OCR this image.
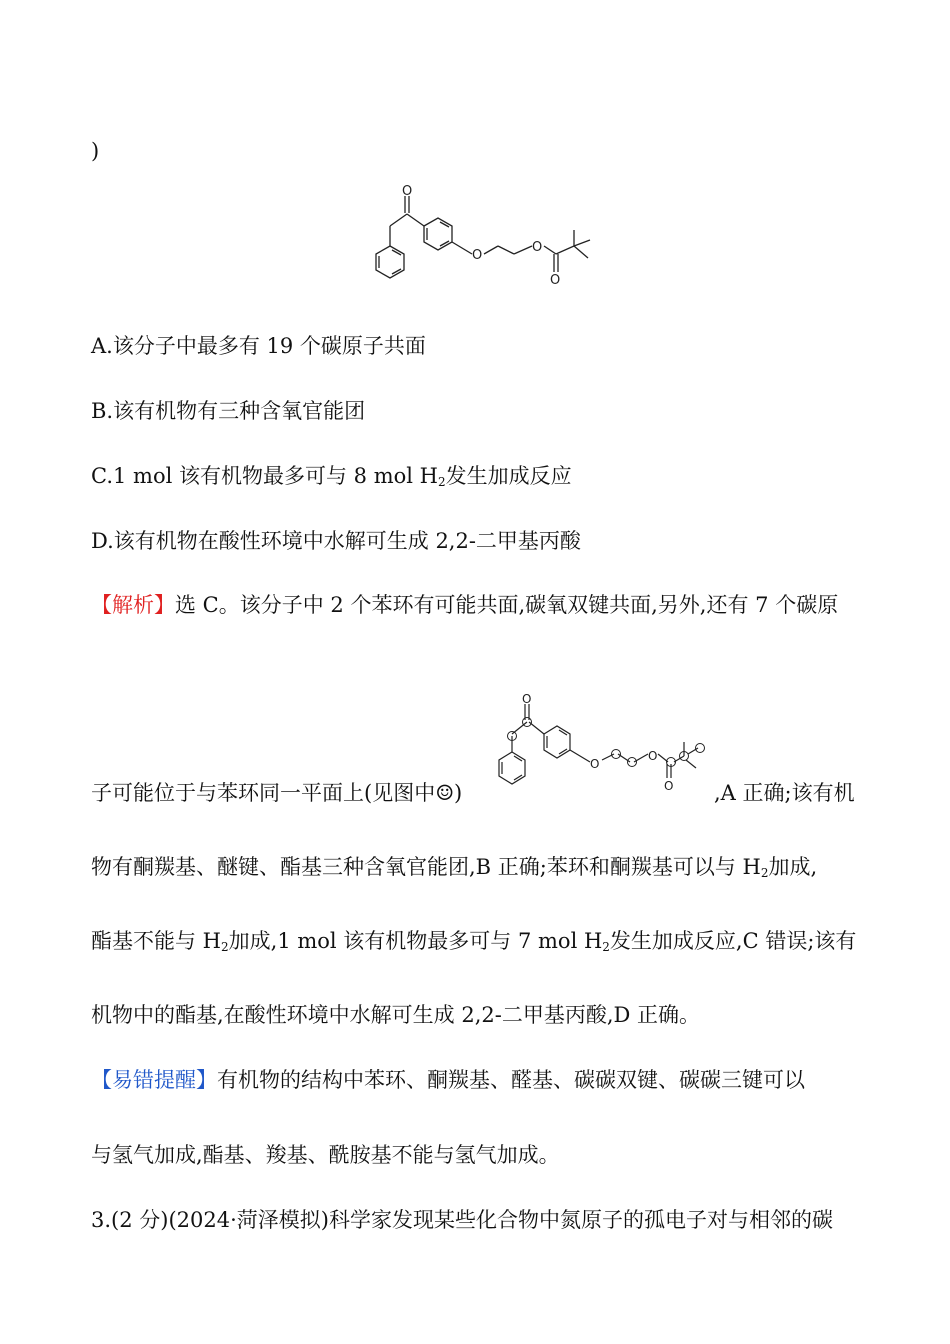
)
O
O
O
O
A.该分子中最多有 19 个碳原子共面
B.该有机物有三种含氧官能团
C.1 mol 该有机物最多可与 8 mol $H_2$发生加成反应
D.该有机物在酸性环境中水解可生成 2,2-二甲基丙酸
【解析】选 C。该分子中 2 个苯环有可能共面,碳氧双键共面,另外,还有 7 个碳原
子可能位于与苯环同一平面上(见图中☺)
O
O
O
O ,A 正确;该有机
物有酮羰基、醚键、酯基三种含氧官能团,B 正确;苯环和酮羰基可以与 $H_2$加成,
酯基不能与 $H_2$加成,1 mol 该有机物最多可与 7 mol $H_2$发生加成反应,C 错误;该有
机物中的酯基,在酸性环境中水解可生成 2,2-二甲基丙酸,D 正确。
【易错提醒】有机物的结构中苯环、酮羰基、醛基、碳碳双键、碳碳三键可以
与氢气加成,酯基、羧基、酰胺基不能与氢气加成。
3.(2 分)(2024·菏泽模拟)科学家发现某些化合物中氮原子的孤电子对与相邻的碳
